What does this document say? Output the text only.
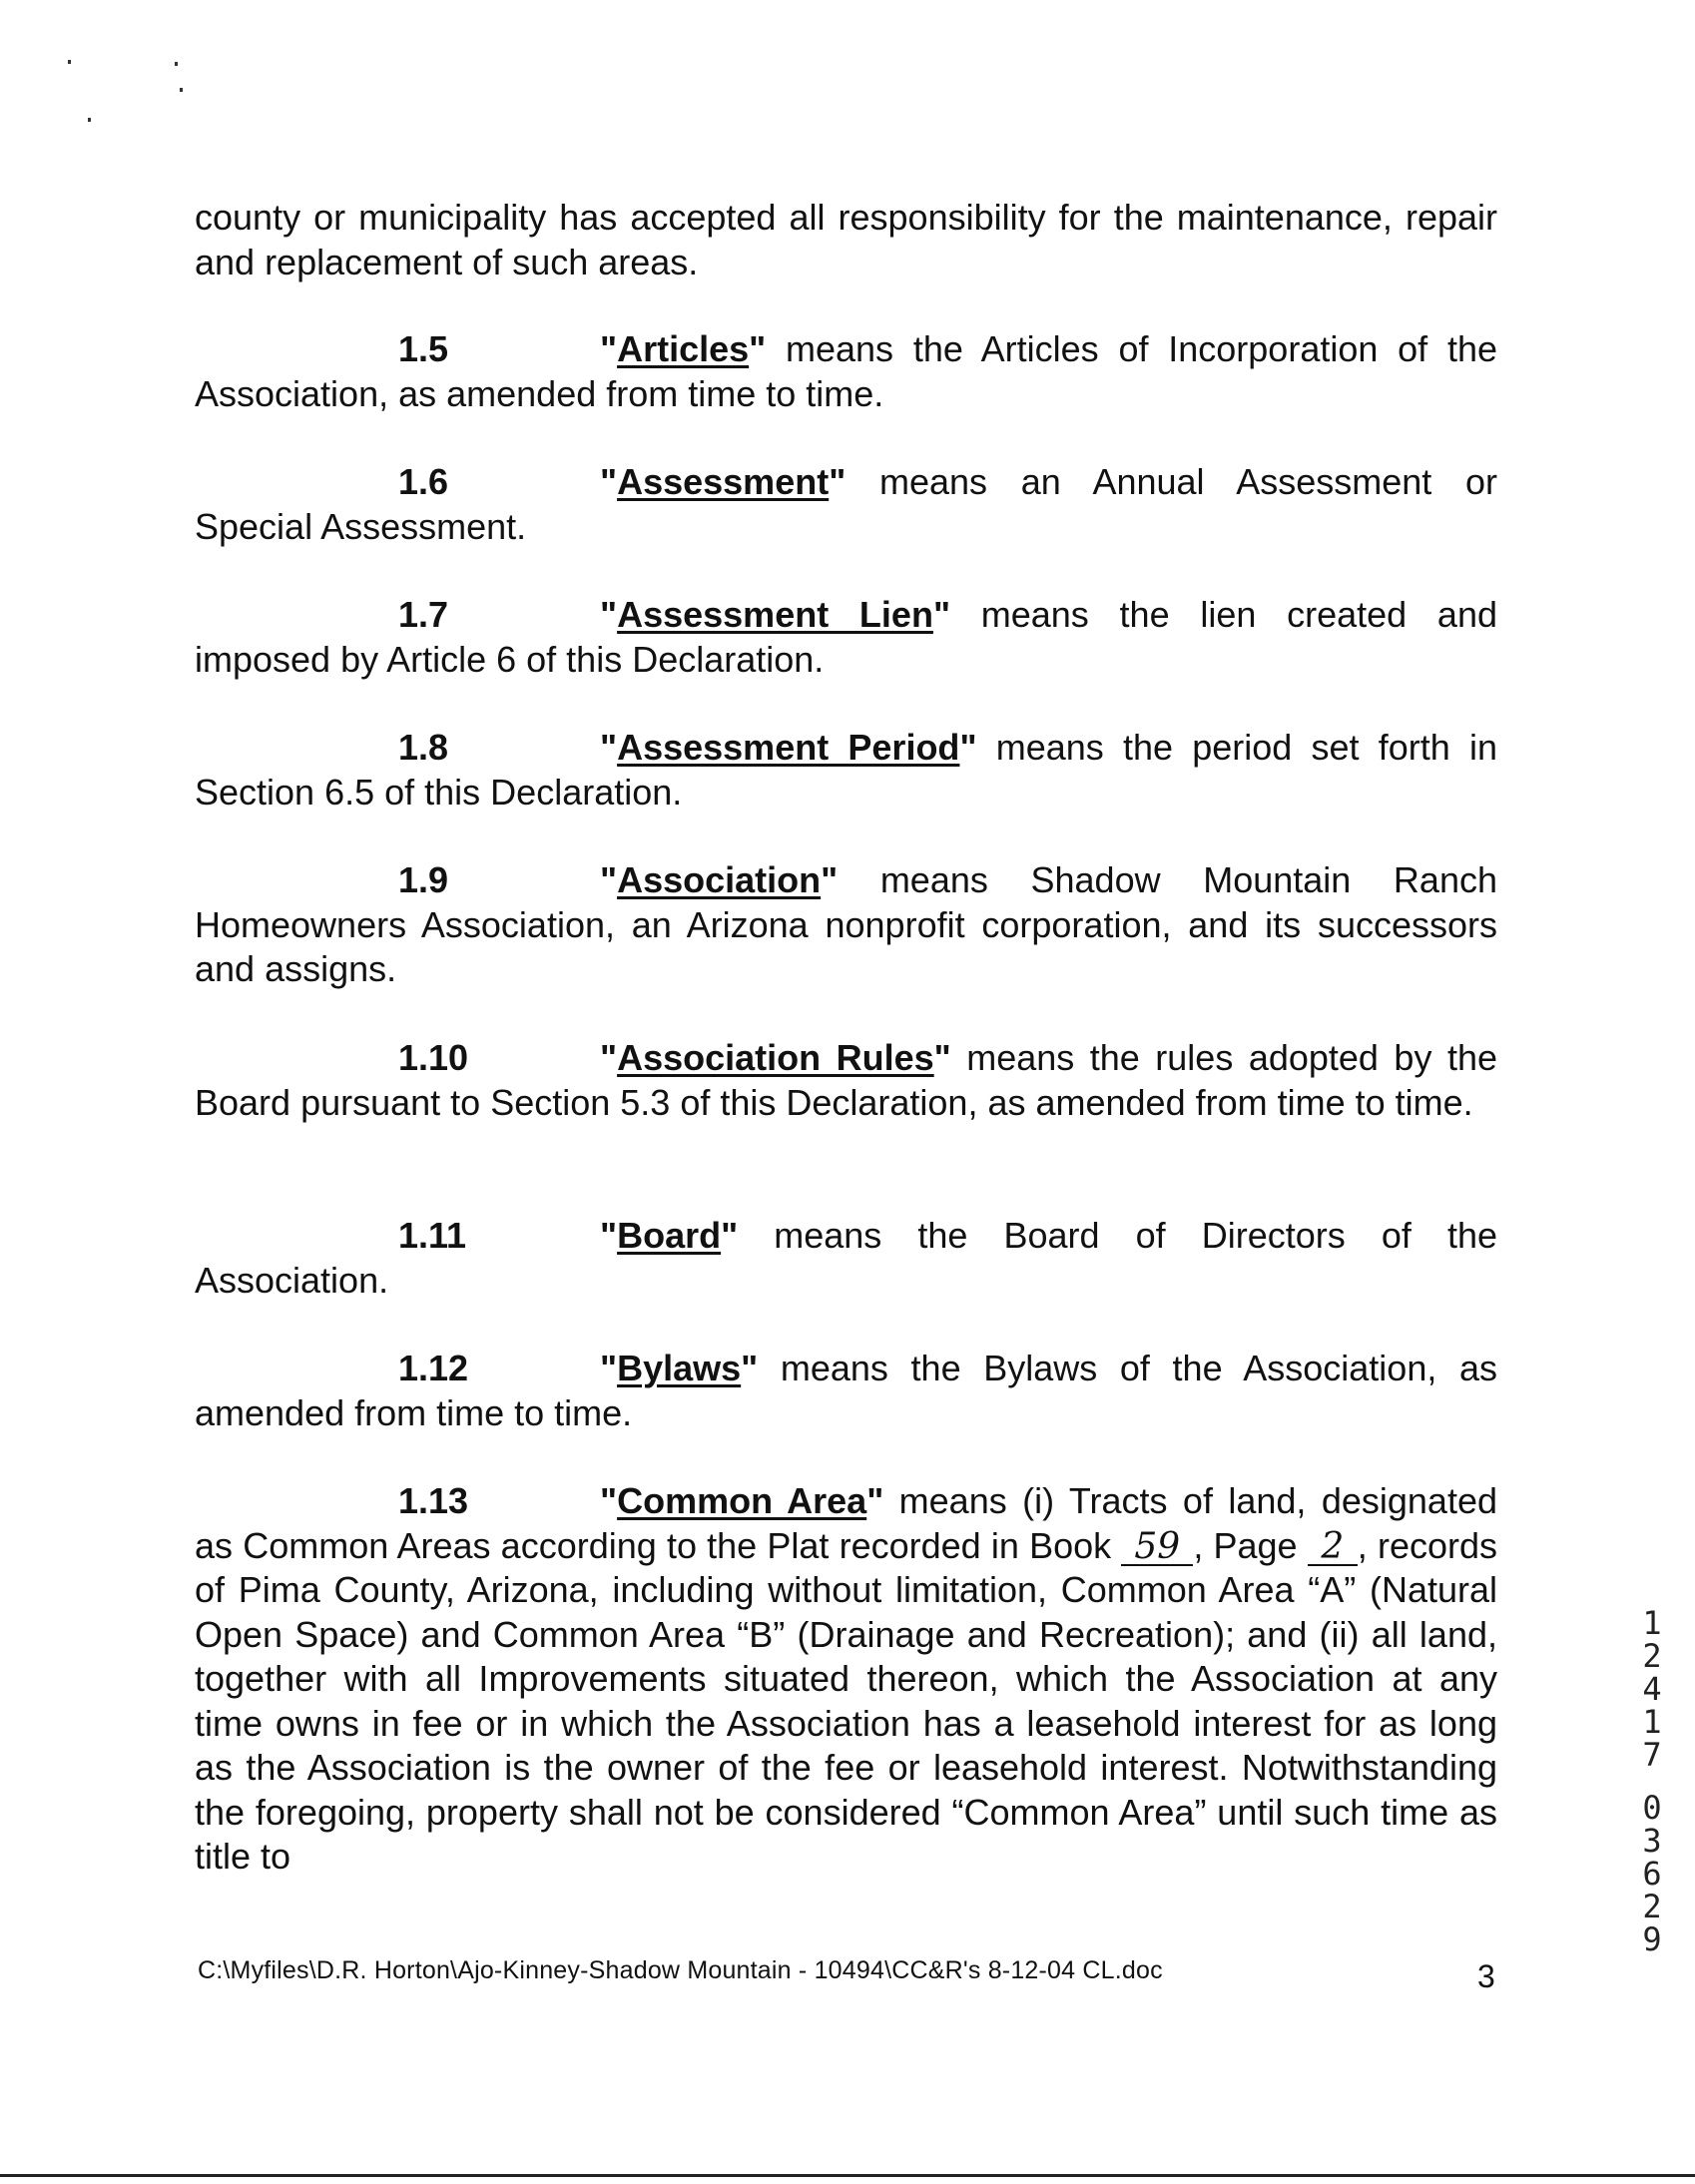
county or municipality has accepted all responsibility for the maintenance, repair and replacement of such areas.
1.5	"Articles" means the Articles of Incorporation of the Association, as amended from time to time.
1.6	"Assessment" means an Annual Assessment or Special Assessment.
1.7	"Assessment Lien" means the lien created and imposed by Article 6 of this Declaration.
1.8	"Assessment Period" means the period set forth in Section 6.5 of this Declaration.
1.9	"Association" means Shadow Mountain Ranch Homeowners Association, an Arizona nonprofit corporation, and its successors and assigns.
1.10	"Association Rules" means the rules adopted by the Board pursuant to Section 5.3 of this Declaration, as amended from time to time.
1.11	"Board" means the Board of Directors of the Association.
1.12	"Bylaws" means the Bylaws of the Association, as amended from time to time.
1.13	"Common Area" means (i) Tracts of land, designated as Common Areas according to the Plat recorded in Book 59 , Page 2 , records of Pima County, Arizona, including without limitation, Common Area “A” (Natural Open Space) and Common Area “B” (Drainage and Recreation); and (ii) all land, together with all Improvements situated thereon, which the Association at any time owns in fee or in which the Association has a leasehold interest for as long as the Association is the owner of the fee or leasehold interest. Notwithstanding the foregoing, property shall not be considered “Common Area” until such time as title to
1
2
4
1
7
0
3
6
2
9
C:\Myfiles\D.R. Horton\Ajo-Kinney-Shadow Mountain - 10494\CC&R's 8-12-04 CL.doc	3
